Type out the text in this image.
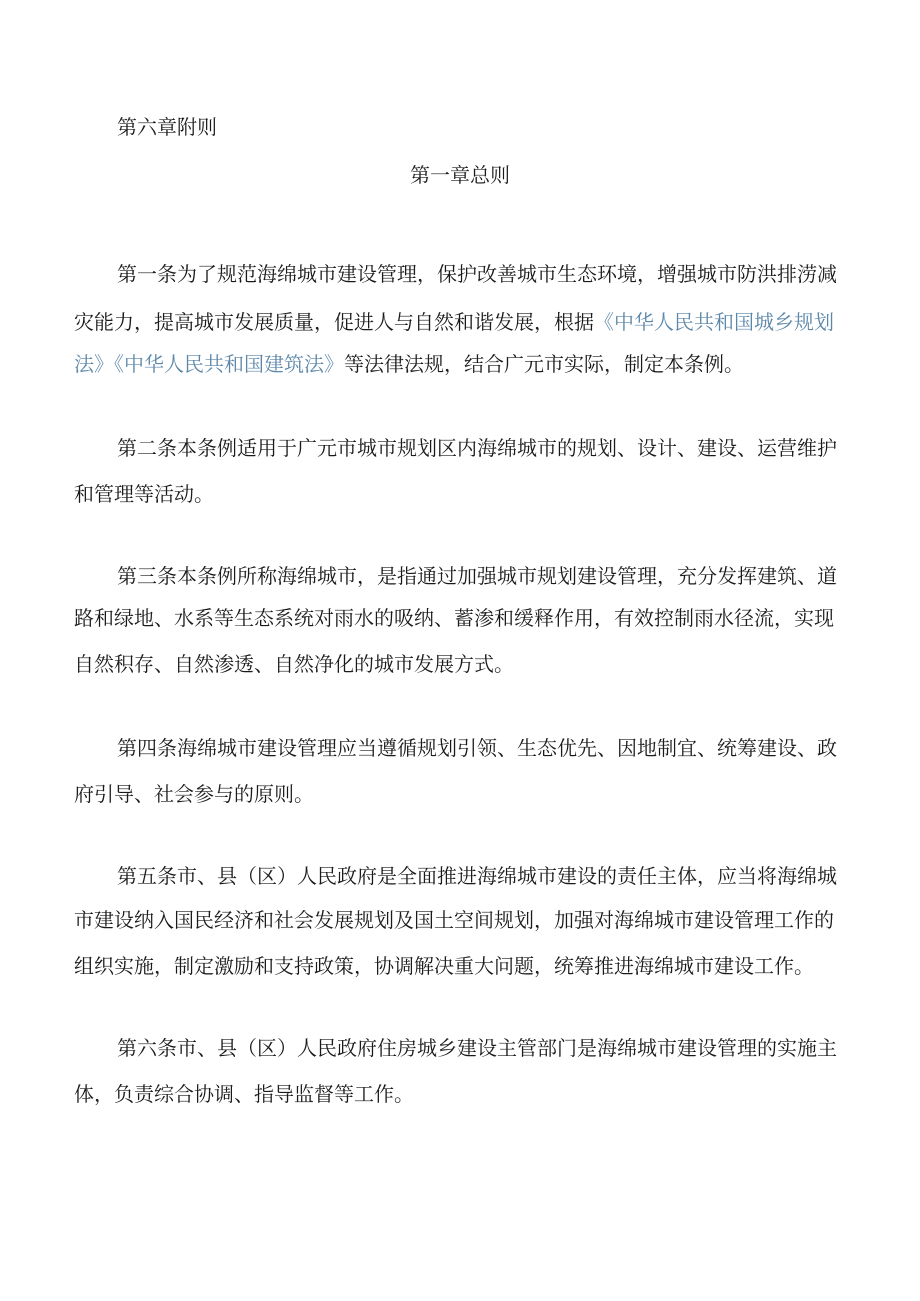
第六章附则

第一章总则

第一条为了规范海绵城市建设管理，保护改善城市生态环境，增强城市防洪排涝减

灾能力，提高城市发展质量，促进人与自然和谐发展，根据《中华人民共和国城乡规划

法》《中华人民共和国建筑法》等法律法规，结合广元市实际，制定本条例。

第二条本条例适用于广元市城市规划区内海绵城市的规划、设计、建设、运营维护

和管理等活动。

第三条本条例所称海绵城市，是指通过加强城市规划建设管理，充分发挥建筑、道

路和绿地、水系等生态系统对雨水的吸纳、蓄渗和缓释作用，有效控制雨水径流，实现

自然积存、自然渗透、自然净化的城市发展方式。

第四条海绵城市建设管理应当遵循规划引领、生态优先、因地制宜、统筹建设、政

府引导、社会参与的原则。

第五条市、县（区）人民政府是全面推进海绵城市建设的责任主体，应当将海绵城

市建设纳入国民经济和社会发展规划及国土空间规划，加强对海绵城市建设管理工作的

组织实施，制定激励和支持政策，协调解决重大问题，统筹推进海绵城市建设工作。

第六条市、县（区）人民政府住房城乡建设主管部门是海绵城市建设管理的实施主

体，负责综合协调、指导监督等工作。
